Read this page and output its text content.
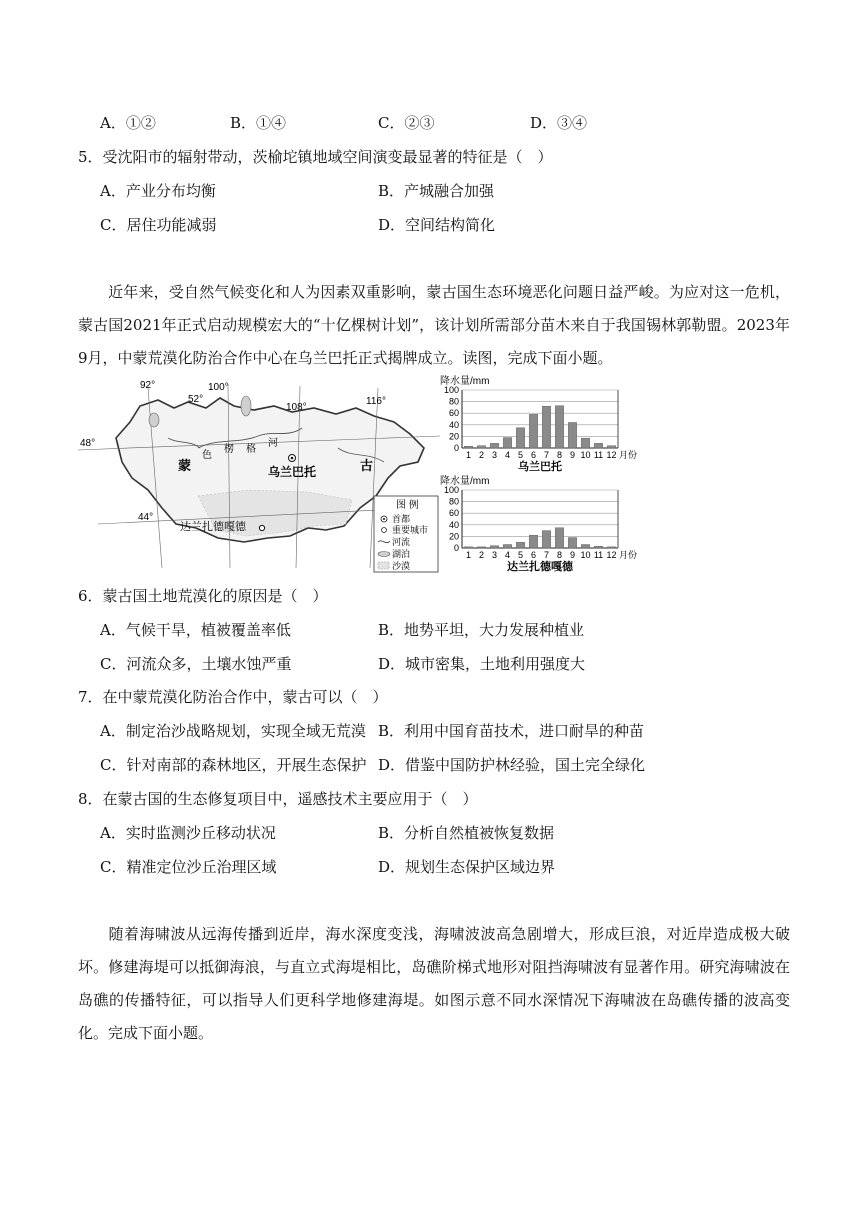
A．①②	B．①④	C．②③	D．③④
5．受沈阳市的辐射带动，茨榆坨镇地域空间演变最显著的特征是（　）
A．产业分布均衡	B．产城融合加强
C．居住功能减弱	D．空间结构简化
近年来，受自然气候变化和人为因素双重影响，蒙古国生态环境恶化问题日益严峻。为应对这一危机，蒙古国2021年正式启动规模宏大的“十亿棵树计划”，该计划所需部分苗木来自于我国锡林郭勒盟。2023年9月，中蒙荒漠化防治合作中心在乌兰巴托正式揭牌成立。读图，完成下面小题。
92°	100°
52°
108°
116°
48°
44°
蒙	古
色
楞 格
河
乌兰巴托
达兰扎德嘎德
图 例
首都
重要城市
河流
湖泊
沙漠
降水量/mm
0
20
40
60
80
100
1 2 3 4 5 6 7 8 9 10 11 12 月份
乌兰巴托
降水量/mm
0
20
40
60
80
100
1 2 3 4 5 6 7 8 9 10 11 12 月份
达兰扎德嘎德
6．蒙古国土地荒漠化的原因是（　）
A．气候干旱，植被覆盖率低	B．地势平坦，大力发展种植业
C．河流众多，土壤水蚀严重	D．城市密集，土地利用强度大
7．在中蒙荒漠化防治合作中，蒙古可以（　）
A．制定治沙战略规划，实现全域无荒漠 B．利用中国育苗技术，进口耐旱的种苗
C．针对南部的森林地区，开展生态保护 D．借鉴中国防护林经验，国土完全绿化
8．在蒙古国的生态修复项目中，遥感技术主要应用于（　）
A．实时监测沙丘移动状况	B．分析自然植被恢复数据
C．精准定位沙丘治理区域	D．规划生态保护区域边界
随着海啸波从远海传播到近岸，海水深度变浅，海啸波波高急剧增大，形成巨浪，对近岸造成极大破坏。修建海堤可以抵御海浪，与直立式海堤相比，岛礁阶梯式地形对阻挡海啸波有显著作用。研究海啸波在岛礁的传播特征，可以指导人们更科学地修建海堤。如图示意不同水深情况下海啸波在岛礁传播的波高变化。完成下面小题。
